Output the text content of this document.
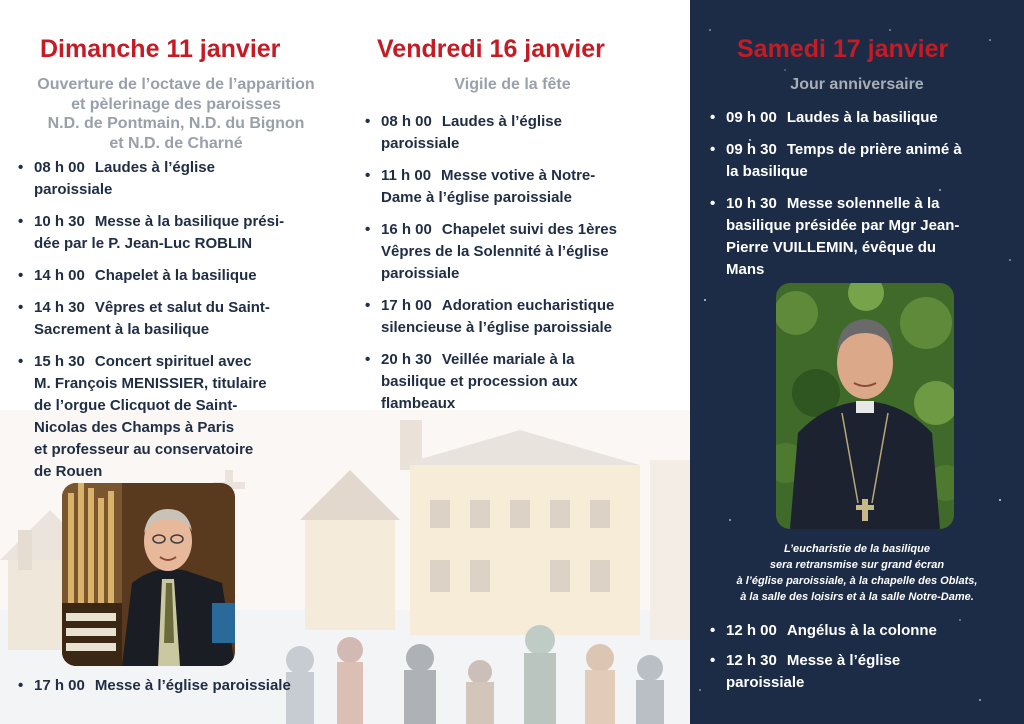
Dimanche 11 janvier
Ouverture de l’octave de l’apparition
et pèlerinage des paroisses
N.D. de Pontmain, N.D. du Bignon
et N.D. de Charné
• 08 h 00 Laudes à l’église
paroissiale
• 10 h 30 Messe à la basilique prési-
dée par le P. Jean-Luc ROBLIN
• 14 h 00 Chapelet à la basilique
• 14 h 30 Vêpres et salut du Saint-
Sacrement à la basilique
• 15 h 30 Concert spirituel avec
M. François MENISSIER, titulaire
de l’orgue Clicquot de Saint-
Nicolas des Champs à Paris
et professeur au conservatoire
de Rouen
• 17 h 00 Messe à l’église paroissiale
Vendredi 16 janvier
Vigile de la fête
• 08 h 00 Laudes à l’église
paroissiale
• 11 h 00 Messe votive à Notre-
Dame à l’église paroissiale
• 16 h 00 Chapelet suivi des 1ères
Vêpres de la Solennité à l’église
paroissiale
• 17 h 00 Adoration eucharistique
silencieuse à l’église paroissiale
• 20 h 30 Veillée mariale à la
basilique et procession aux
flambeaux
Samedi 17 janvier
Jour anniversaire
• 09 h 00 Laudes à la basilique
• 09 h 30 Temps de prière animé à
la basilique
• 10 h 30 Messe solennelle à la
basilique présidée par Mgr Jean-
Pierre VUILLEMIN, évêque du
Mans
L’eucharistie de la basilique
sera retransmise sur grand écran
à l’église paroissiale, à la chapelle des Oblats,
à la salle des loisirs et à la salle Notre-Dame.
• 12 h 00 Angélus à la colonne
• 12 h 30 Messe à l’église
paroissiale
